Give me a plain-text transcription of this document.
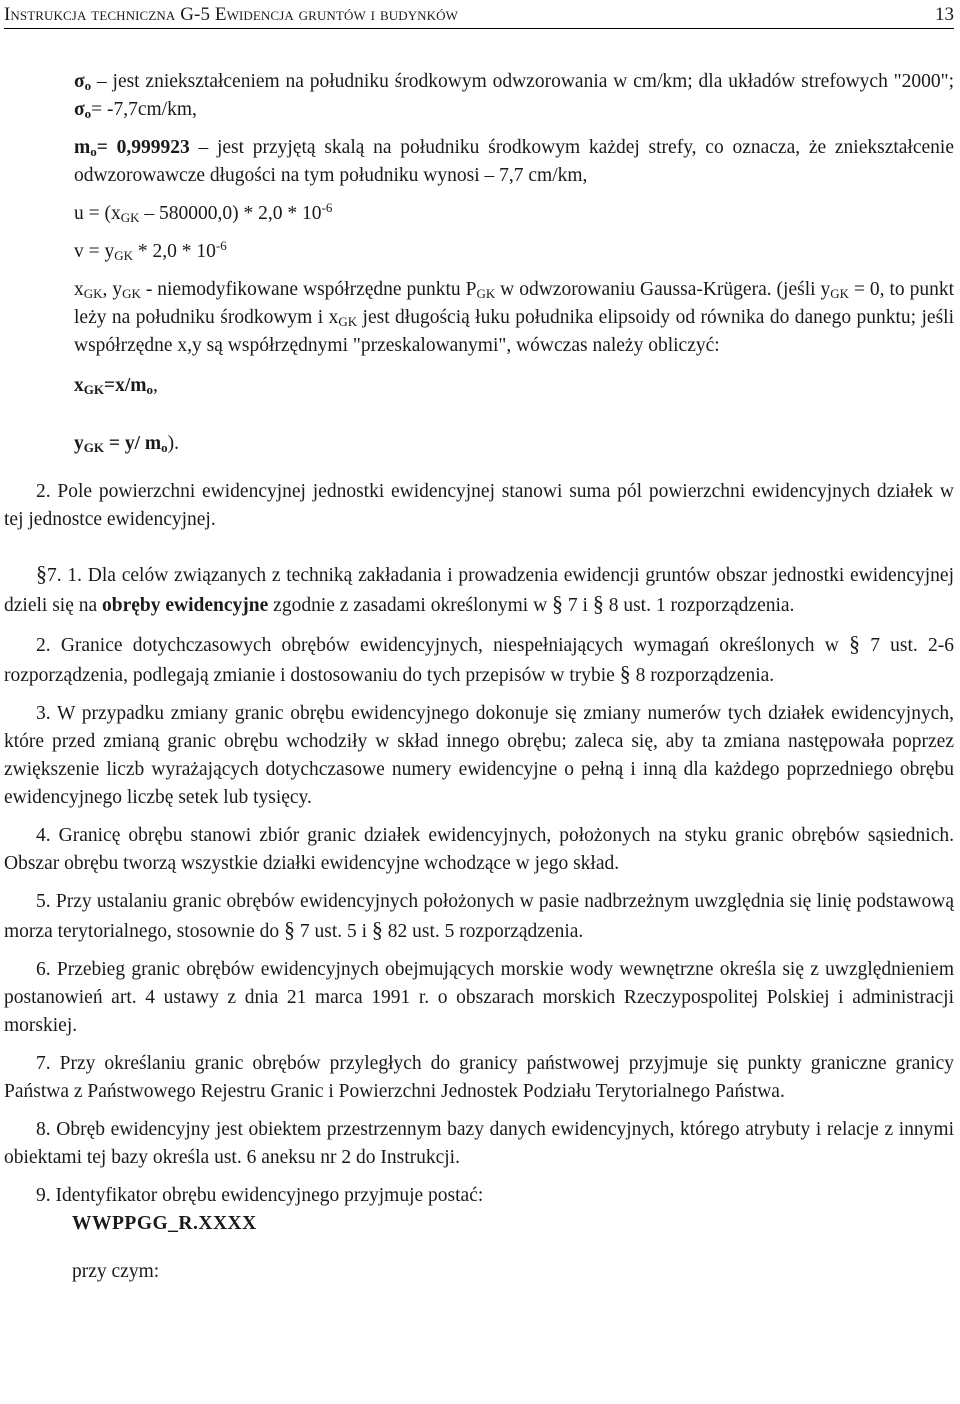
Instrukcja techniczna G-5 Ewidencja gruntów i budynków	13

$\sigma_o$ – jest zniekształceniem na południku środkowym odwzorowania w cm/km; dla układów strefowych "2000"; $\sigma_o= -7,7cm/km$,

$m_o= 0,999923$ – jest przyjętą skalą na południku środkowym każdej strefy, co oznacza, że zniekształcenie odwzorowawcze długości na tym południku wynosi – 7,7 cm/km,

$u = (x_{GK} - 580000,0) * 2,0 * 10^{-6}$

$v = y_{GK} * 2,0 * 10^{-6}$

$x_{GK}$, $y_{GK}$ - niemodyfikowane współrzędne punktu $P_{GK}$ w odwzorowaniu Gaussa-Krügera. (jeśli $y_{GK} = 0$, to punkt leży na południku środkowym i $x_{GK}$ jest długością łuku południka elipsoidy od równika do danego punktu; jeśli współrzędne x,y są współrzędnymi "przeskalowanymi", wówczas należy obliczyć:

$x_{GK}=x/m_o$,

$y_{GK} = y/$ $m_o$).

2. Pole powierzchni ewidencyjnej jednostki ewidencyjnej stanowi suma pól powierzchni ewidencyjnych działek w tej jednostce ewidencyjnej.

§7. 1. Dla celów związanych z techniką zakładania i prowadzenia ewidencji gruntów obszar jednostki ewidencyjnej dzieli się na obręby ewidencyjne zgodnie z zasadami określonymi w § 7 i § 8 ust. 1 rozporządzenia.

2. Granice dotychczasowych obrębów ewidencyjnych, niespełniających wymagań określonych w § 7 ust. 2-6 rozporządzenia, podlegają zmianie i dostosowaniu do tych przepisów w trybie § 8 rozporządzenia.

3. W przypadku zmiany granic obrębu ewidencyjnego dokonuje się zmiany numerów tych działek ewidencyjnych, które przed zmianą granic obrębu wchodziły w skład innego obrębu; zaleca się, aby ta zmiana następowała poprzez zwiększenie liczb wyrażających dotychczasowe numery ewidencyjne o pełną i inną dla każdego poprzedniego obrębu ewidencyjnego liczbę setek lub tysięcy.

4. Granicę obrębu stanowi zbiór granic działek ewidencyjnych, położonych na styku granic obrębów sąsiednich. Obszar obrębu tworzą wszystkie działki ewidencyjne wchodzące w jego skład.

5. Przy ustalaniu granic obrębów ewidencyjnych położonych w pasie nadbrzeżnym uwzględnia się linię podstawową morza terytorialnego, stosownie do § 7 ust. 5 i § 82 ust. 5 rozporządzenia.

6. Przebieg granic obrębów ewidencyjnych obejmujących morskie wody wewnętrzne określa się z uwzględnieniem postanowień art. 4 ustawy z dnia 21 marca 1991 r. o obszarach morskich Rzeczypospolitej Polskiej i administracji morskiej.

7. Przy określaniu granic obrębów przyległych do granicy państwowej przyjmuje się punkty graniczne granicy Państwa z Państwowego Rejestru Granic i Powierzchni Jednostek Podziału Terytorialnego Państwa.

8. Obręb ewidencyjny jest obiektem przestrzennym bazy danych ewidencyjnych, którego atrybuty i relacje z innymi obiektami tej bazy określa ust. 6 aneksu nr 2 do Instrukcji.

9. Identyfikator obrębu ewidencyjnego przyjmuje postać:

WWPPGG_R.XXXX

przy czym:
